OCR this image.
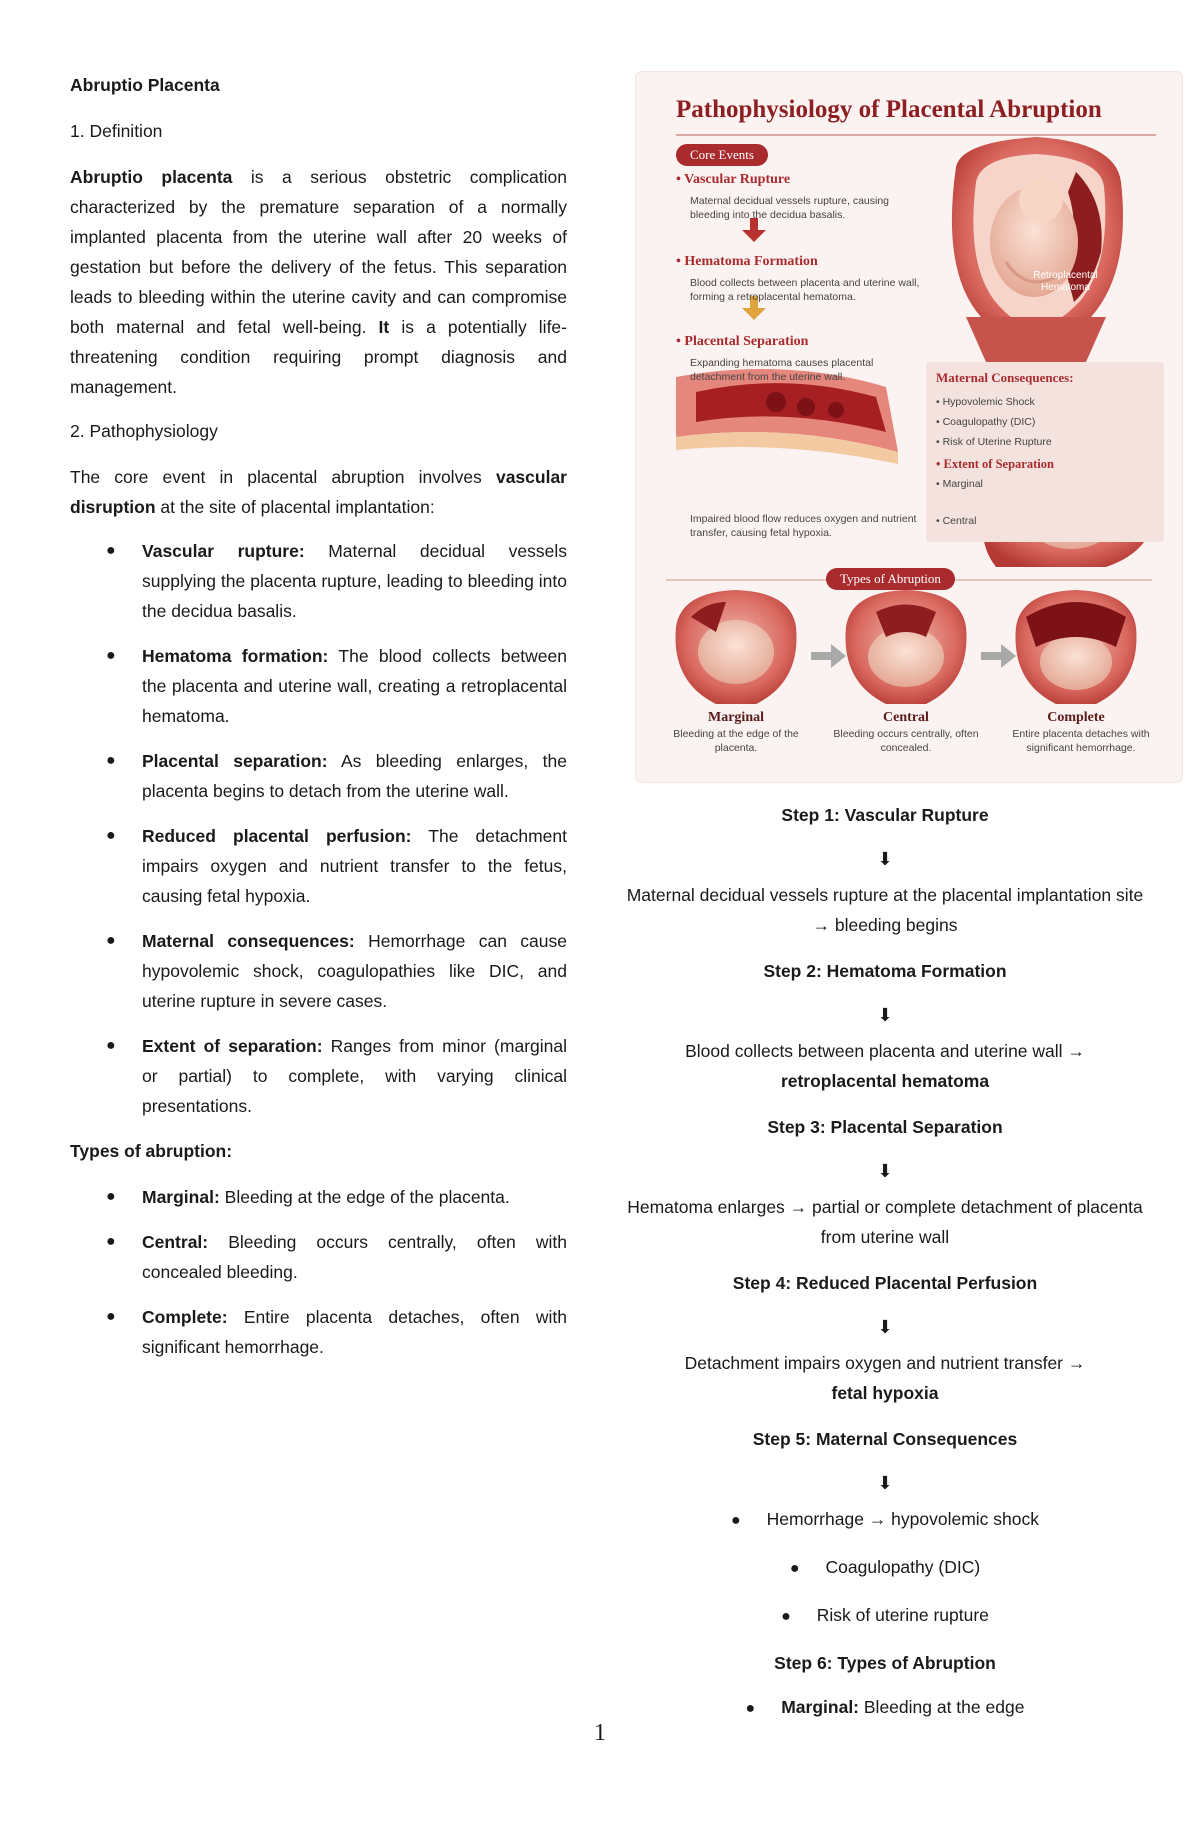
Abruptio Placenta

1. Definition

Abruptio placenta is a serious obstetric complication characterized by the premature separation of a normally implanted placenta from the uterine wall after 20 weeks of gestation but before the delivery of the fetus. This separation leads to bleeding within the uterine cavity and can compromise both maternal and fetal well-being. It is a potentially life-threatening condition requiring prompt diagnosis and management.

2. Pathophysiology

The core event in placental abruption involves vascular disruption at the site of placental implantation:

● Vascular rupture: Maternal decidual vessels supplying the placenta rupture, leading to bleeding into the decidua basalis.
● Hematoma formation: The blood collects between the placenta and uterine wall, creating a retroplacental hematoma.
● Placental separation: As bleeding enlarges, the placenta begins to detach from the uterine wall.
● Reduced placental perfusion: The detachment impairs oxygen and nutrient transfer to the fetus, causing fetal hypoxia.
● Maternal consequences: Hemorrhage can cause hypovolemic shock, coagulopathies like DIC, and uterine rupture in severe cases.
● Extent of separation: Ranges from minor (marginal or partial) to complete, with varying clinical presentations.

Types of abruption:

● Marginal: Bleeding at the edge of the placenta.
● Central: Bleeding occurs centrally, often with concealed bleeding.
● Complete: Entire placenta detaches, often with significant hemorrhage.
Pathophysiology of Placental Abruption
Core Events
• Vascular Rupture
Maternal decidual vessels rupture, causing bleeding into the decidua basalis.
• Hematoma Formation
Blood collects between placenta and uterine wall, forming a retroplacental hematoma.
Retroplacental Hematoma
• Placental Separation
Expanding hematoma causes placental detachment from the uterine wall.
Impaired blood flow reduces oxygen and nutrient transfer, causing fetal hypoxia.
Maternal Consequences:
• Hypovolemic Shock
• Coagulopathy (DIC)
• Risk of Uterine Rupture
• Extent of Separation
• Marginal
• Central
Types of Abruption
Marginal
Bleeding at the edge of the placenta.
Central
Bleeding occurs centrally, often concealed.
Complete
Entire placenta detaches with significant hemorrhage.
Step 1: Vascular Rupture
⬇
Maternal decidual vessels rupture at the placental implantation site → bleeding begins
Step 2: Hematoma Formation
⬇
Blood collects between placenta and uterine wall →
retroplacental hematoma
Step 3: Placental Separation
⬇
Hematoma enlarges → partial or complete detachment of placenta from uterine wall
Step 4: Reduced Placental Perfusion
⬇
Detachment impairs oxygen and nutrient transfer →
fetal hypoxia
Step 5: Maternal Consequences
⬇
● Hemorrhage → hypovolemic shock
● Coagulopathy (DIC)
● Risk of uterine rupture
Step 6: Types of Abruption
● Marginal: Bleeding at the edge
1
